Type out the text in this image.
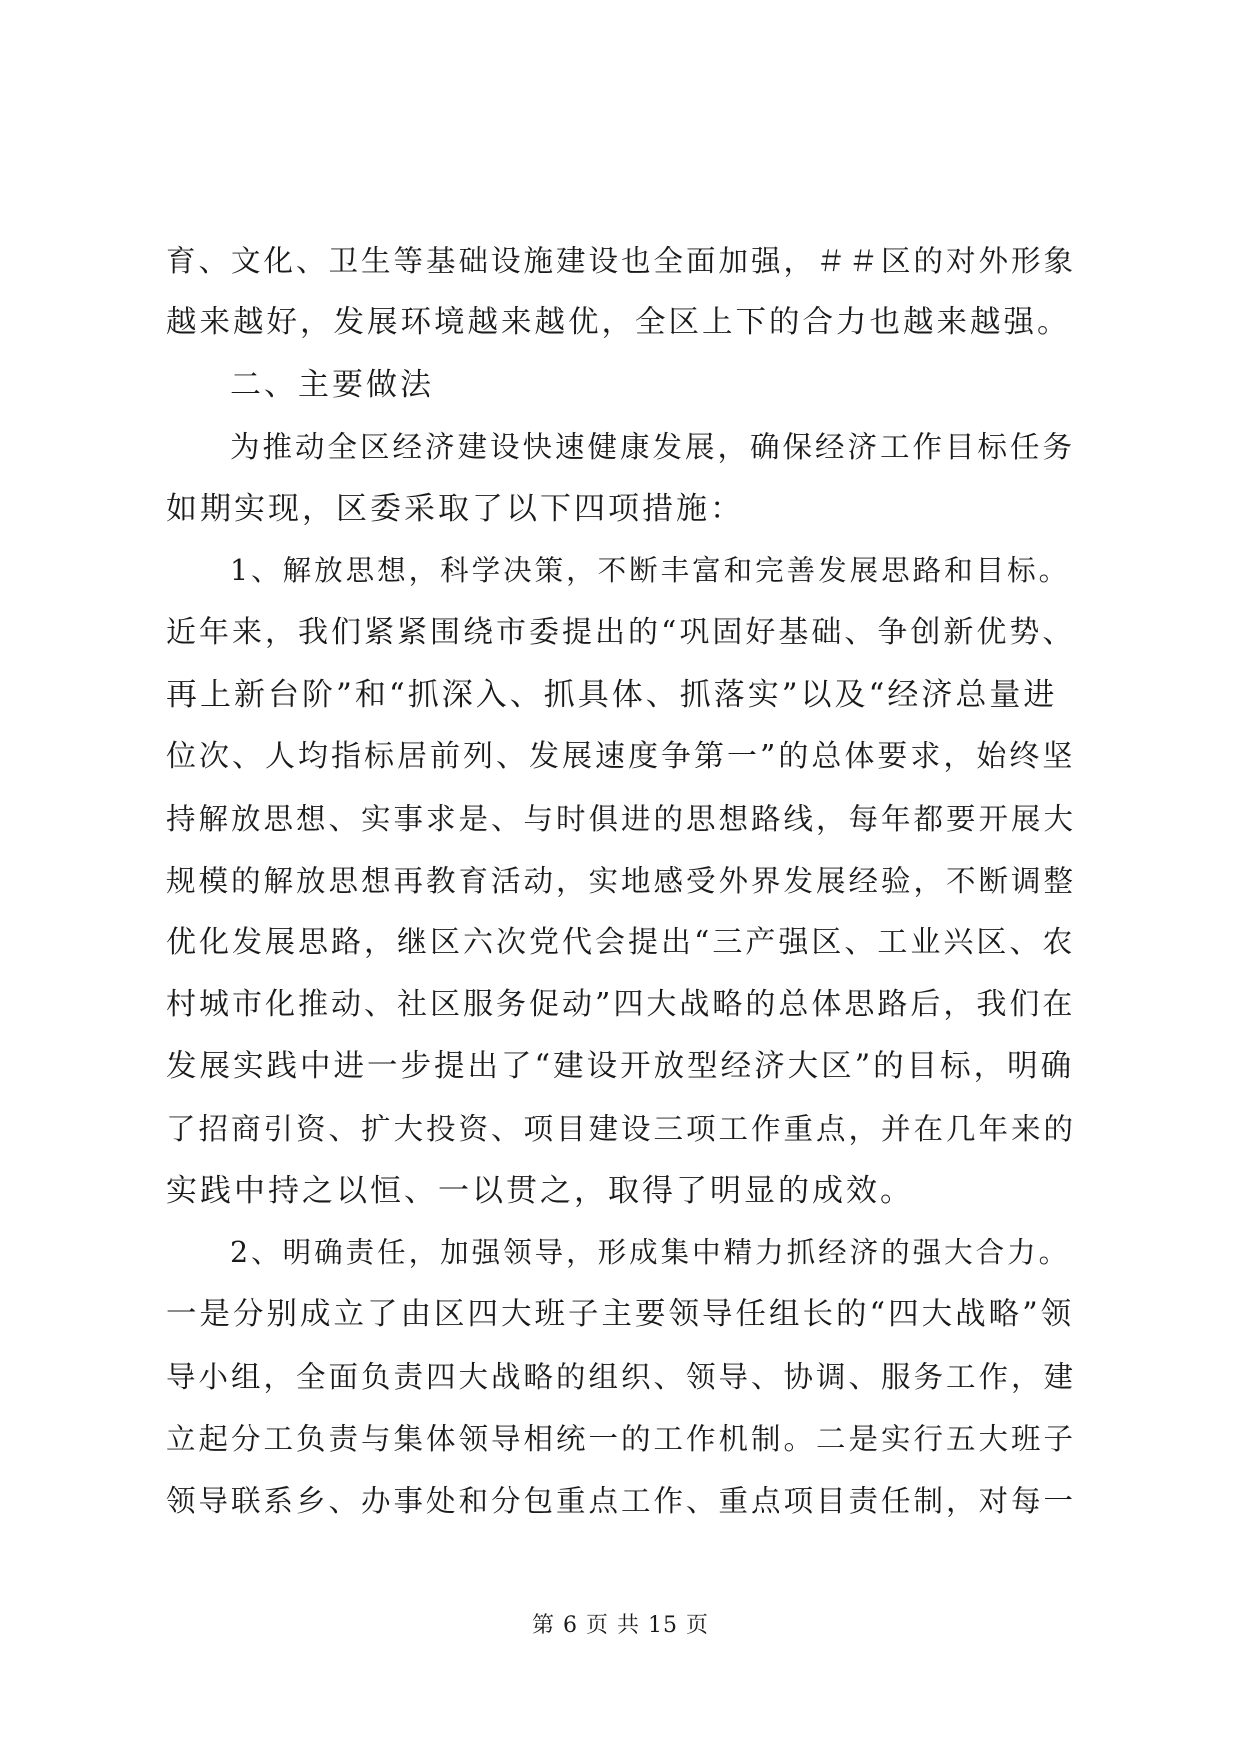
育、文化、卫生等基础设施建设也全面加强，＃＃区的对外形象
越来越好，发展环境越来越优，全区上下的合力也越来越强。
二、主要做法
为推动全区经济建设快速健康发展，确保经济工作目标任务
如期实现，区委采取了以下四项措施：
1、解放思想，科学决策，不断丰富和完善发展思路和目标。
近年来，我们紧紧围绕市委提出的“巩固好基础、争创新优势、
再上新台阶”和“抓深入、抓具体、抓落实”以及“经济总量进
位次、人均指标居前列、发展速度争第一”的总体要求，始终坚
持解放思想、实事求是、与时俱进的思想路线，每年都要开展大
规模的解放思想再教育活动，实地感受外界发展经验，不断调整
优化发展思路，继区六次党代会提出“三产强区、工业兴区、农
村城市化推动、社区服务促动”四大战略的总体思路后，我们在
发展实践中进一步提出了“建设开放型经济大区”的目标，明确
了招商引资、扩大投资、项目建设三项工作重点，并在几年来的
实践中持之以恒、一以贯之，取得了明显的成效。
2、明确责任，加强领导，形成集中精力抓经济的强大合力。
一是分别成立了由区四大班子主要领导任组长的“四大战略”领
导小组，全面负责四大战略的组织、领导、协调、服务工作，建
立起分工负责与集体领导相统一的工作机制。二是实行五大班子
领导联系乡、办事处和分包重点工作、重点项目责任制，对每一
第 6 页 共 15 页
